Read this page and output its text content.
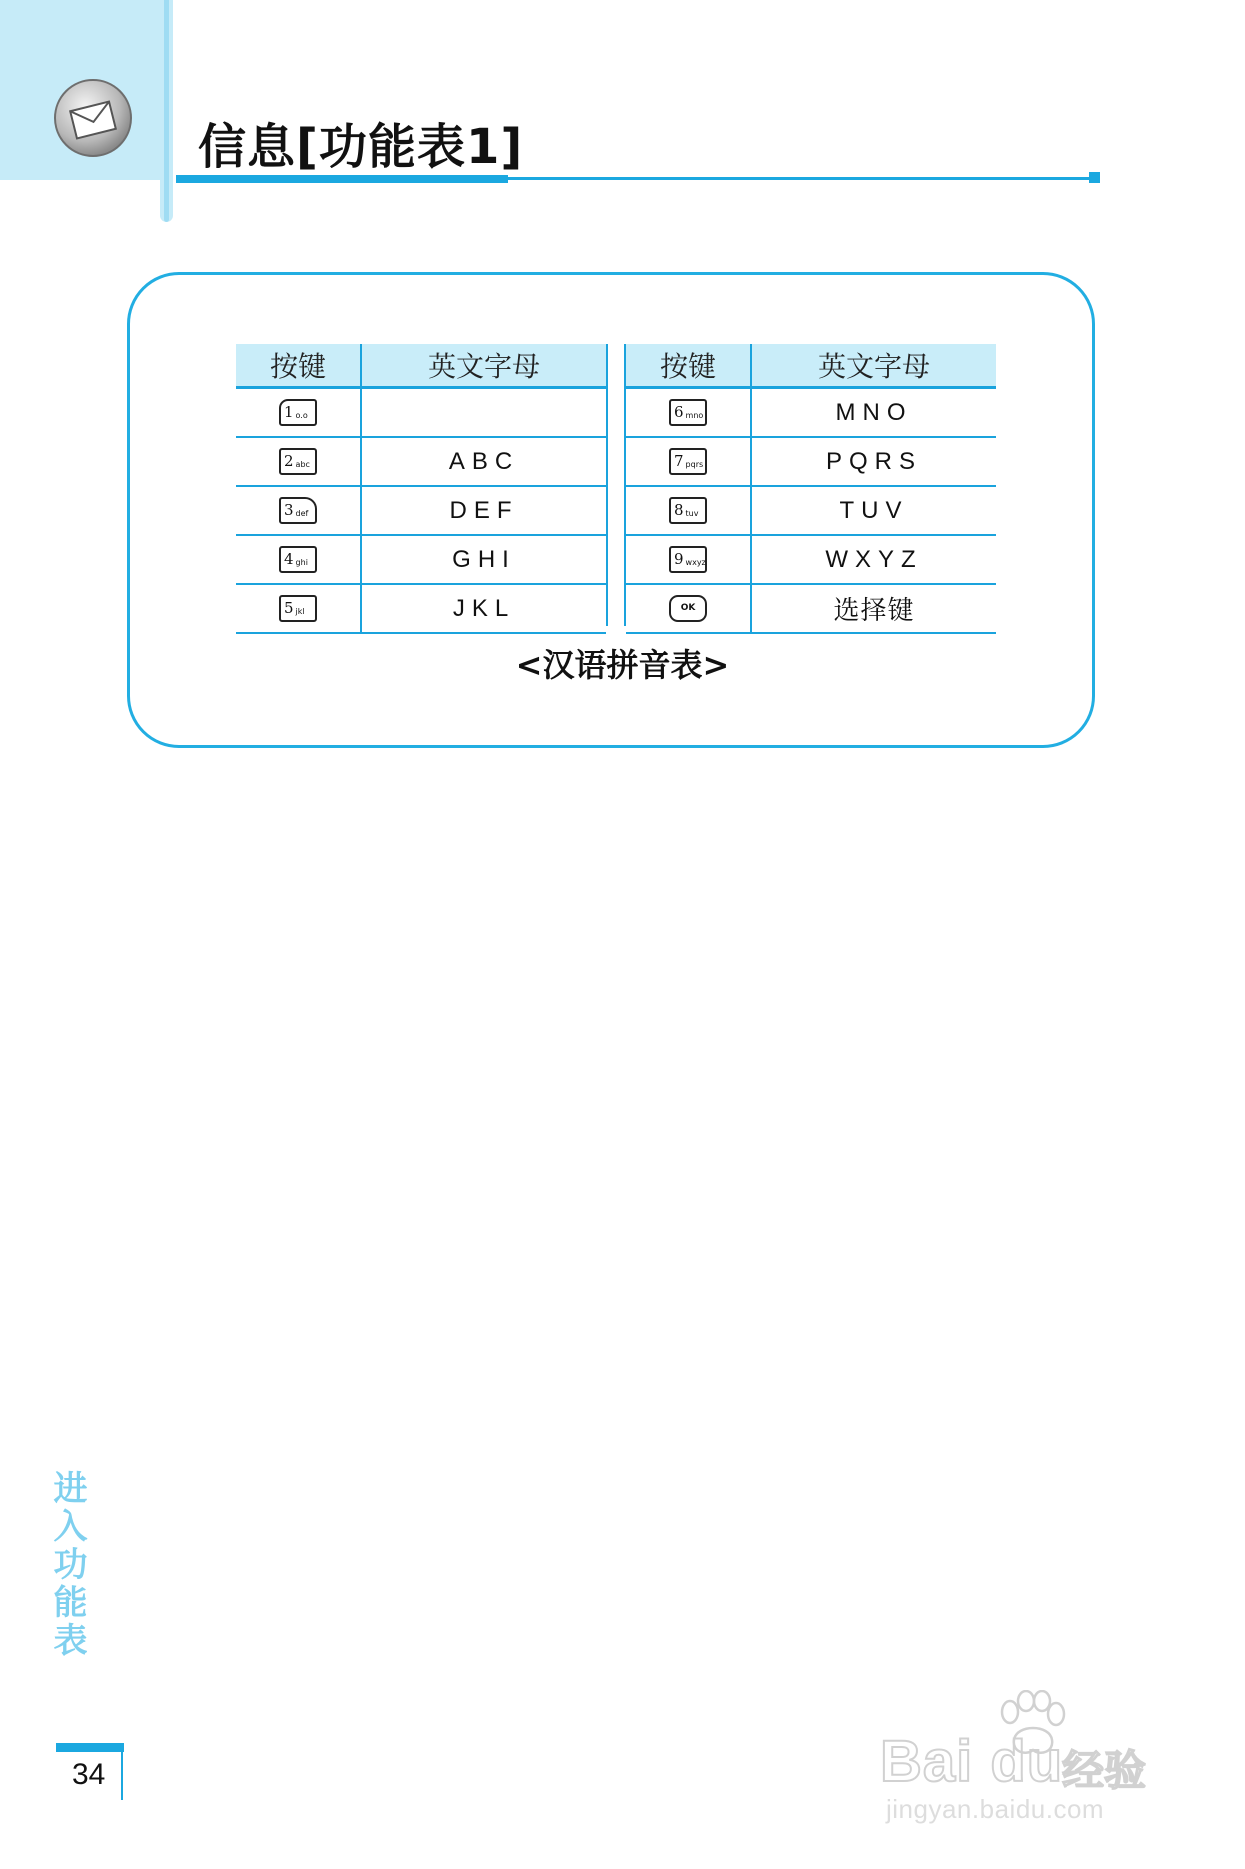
信息[功能表1]
按键	英文字母
1 o.o
2 abc	ABC
3 def	DEF
4 ghi	GHI
5 jkl	JKL
按键	英文字母
6 mno	MNO
7 pqrs	PQRS
8 tuv	TUV
9 wxyz	WXYZ
OK	选择键
<汉语拼音表>
进入功能表
34	Bai du
经验
jingyan.baidu.com
